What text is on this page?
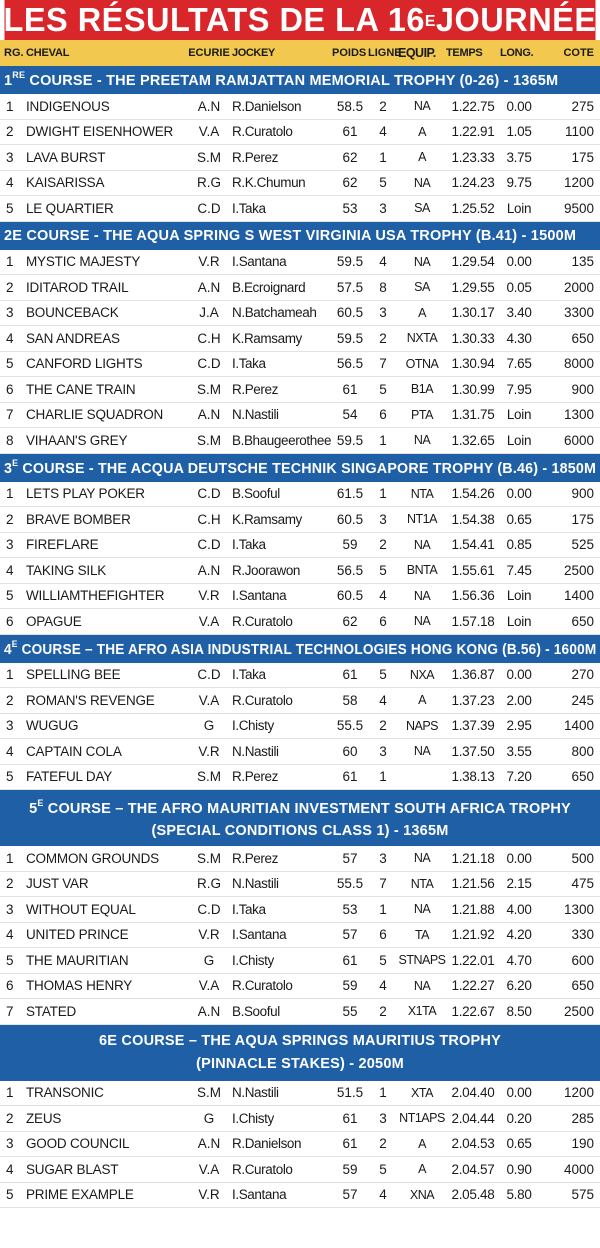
LES RÉSULTATS DE LA $16^E$ JOURNÉE
RG. CHEVAL	ECURIE JOCKEY	POIDS LIGNE
EQUIP. TEMPS	LONG.	COTE
1RE COURSE - THE PREETAM RAMJATTAN MEMORIAL TROPHY (0-26) - 1365M
1 INDIGENOUS	A.N R.Danielson	58.5	2	NA	1.22.75 0.00	275
2 DWIGHT EISENHOWER	V.A R.Curatolo	61	4	A	1.22.91 1.05	1100
3 LAVA BURST	S.M R.Perez	62	1	A	1.23.33 3.75	175
4 KAISARISSA	R.G R.K.Chumun	62	5	NA	1.24.23 9.75	1200
5 LE QUARTIER	C.D I.Taka	53	3	SA	1.25.52 Loin	9500
2E COURSE - THE AQUA SPRING S WEST VIRGINIA USA TROPHY (B.41) - 1500M
1 MYSTIC MAJESTY	V.R I.Santana	59.5	4	NA	1.29.54 0.00	135
2 IDITAROD TRAIL	A.N B.Ecroignard	57.5	8	SA	1.29.55 0.05	2000
3 BOUNCEBACK	J.A N.Batchameah	60.5	3	A	1.30.17 3.40	3300
4 SAN ANDREAS	C.H K.Ramsamy	59.5	2	NXTA	1.30.33 4.30	650
5 CANFORD LIGHTS	C.D I.Taka	56.5	7	OTNA 1.30.94 7.65	8000
6 THE CANE TRAIN	S.M R.Perez	61	5	B1A	1.30.99 7.95	900
7 CHARLIE SQUADRON	A.N N.Nastili	54	6	PTA	1.31.75 Loin	1300
8 VIHAAN'S GREY	S.M B.Bhaugeerothee 59.5	1	NA	1.32.65 Loin	6000
$3^E$ COURSE - THE ACQUA DEUTSCHE TECHNIK SINGAPORE TROPHY (B.46) - 1850M
1 LETS PLAY POKER	C.D B.Sooful	61.5	1	NTA	1.54.26 0.00	900
2 BRAVE BOMBER	C.H K.Ramsamy	60.5	3	NT1A	1.54.38 0.65	175
3 FIREFLARE	C.D I.Taka	59	2	NA	1.54.41 0.85	525
4 TAKING SILK	A.N R.Joorawon	56.5	5	BNTA	1.55.61 7.45	2500
5 WILLIAMTHEFIGHTER	V.R I.Santana	60.5	4	NA	1.56.36 Loin	1400
6 OPAGUE	V.A R.Curatolo	62	6	NA	1.57.18 Loin	650
$4^E$ COURSE – THE AFRO ASIA INDUSTRIAL TECHNOLOGIES HONG KONG (B.56) - 1600M
1 SPELLING BEE	C.D I.Taka	61	5	NXA	1.36.87 0.00	270
2 ROMAN'S REVENGE	V.A R.Curatolo	58	4	A	1.37.23 2.00	245
3 WUGUG	G	I.Chisty	55.5	2	NAPS	1.37.39 2.95	1400
4 CAPTAIN COLA	V.R N.Nastili	60	3	NA	1.37.50 3.55	800
5 FATEFUL DAY	S.M R.Perez	61	1	1.38.13 7.20	650
$5^E$ COURSE – THE AFRO MAURITIAN INVESTMENT SOUTH AFRICA TROPHY
(SPECIAL CONDITIONS CLASS 1) - 1365M
1 COMMON GROUNDS	S.M R.Perez	57	3	NA	1.21.18 0.00	500
2 JUST VAR	R.G N.Nastili	55.5	7	NTA	1.21.56 2.15	475
3 WITHOUT EQUAL	C.D I.Taka	53	1	NA	1.21.88 4.00	1300
4 UNITED PRINCE	V.R I.Santana	57	6	TA	1.21.92 4.20	330
5 THE MAURITIAN	G	I.Chisty	61	5 STNAPS 1.22.01 4.70	600
6 THOMAS HENRY	V.A R.Curatolo	59	4	NA	1.22.27 6.20	650
7 STATED	A.N B.Sooful	55	2	X1TA	1.22.67 8.50	2500
6E COURSE – THE AQUA SPRINGS MAURITIUS TROPHY
(PINNACLE STAKES) - 2050M
1 TRANSONIC	S.M N.Nastili	51.5	1	XTA	2.04.40 0.00	1200
2 ZEUS	G	I.Chisty	61	3 NT1APS 2.04.44 0.20	285
3 GOOD COUNCIL	A.N R.Danielson	61	2	A	2.04.53 0.65	190
4 SUGAR BLAST	V.A R.Curatolo	59	5	A	2.04.57 0.90	4000
5 PRIME EXAMPLE	V.R I.Santana	57	4	XNA	2.05.48 5.80	575
